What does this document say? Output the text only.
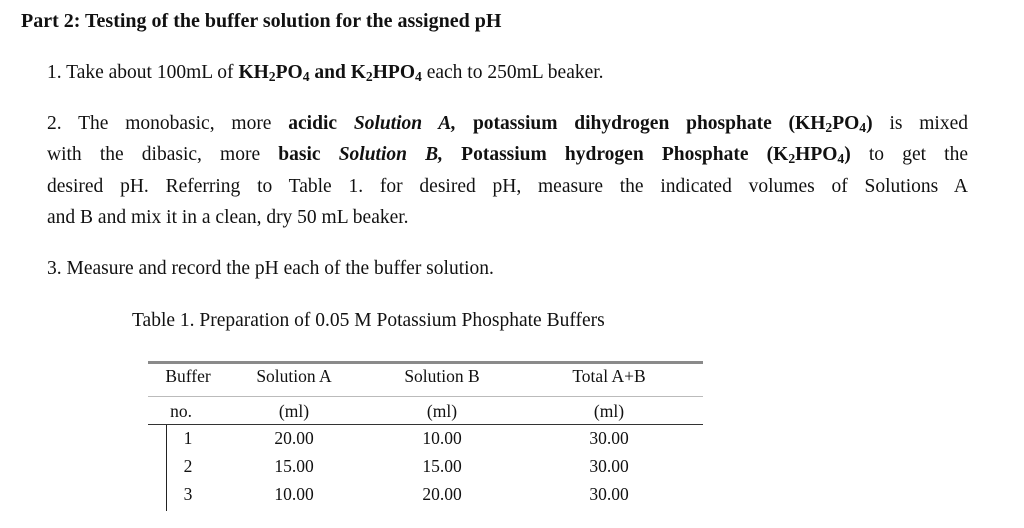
Part 2: Testing of the buffer solution for the assigned pH
1. Take about 100mL of $KH_2PO_4$ and $K_2HPO_4$ each to 250mL beaker.
2. The monobasic, more acidic Solution A, potassium dihydrogen phosphate $(KH_2PO_4)$ is mixed
with the dibasic, more basic Solution B, Potassium hydrogen Phosphate $(K_2HPO_4)$ to get the
desired pH. Referring to Table 1. for desired pH, measure the indicated volumes of Solutions A
and B and mix it in a clean, dry 50 mL beaker.
3. Measure and record the pH each of the buffer solution.
Table 1. Preparation of 0.05 M Potassium Phosphate Buffers
Buffer	Solution A	Solution B	Total A+B
no.	(ml)	(ml)	(ml)
1	20.00	10.00	30.00
2	15.00	15.00	30.00
3	10.00	20.00	30.00
